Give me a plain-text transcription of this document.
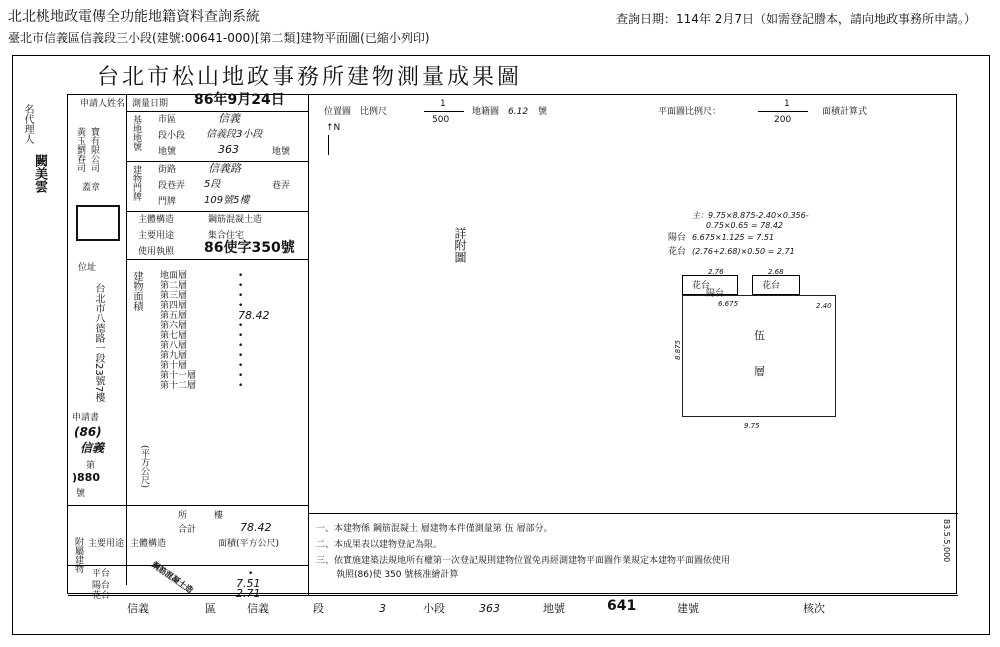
北北桃地政電傳全功能地籍資料查詢系統
臺北市信義區信義段三小段(建號:00641-000)[第二類]建物平面圖(已縮小列印)
查詢日期：114年 2月7日（如需登記謄本，請向地政事務所申請。）
台北市松山地政事務所建物測量成果圖
名代理人
闕美雲
申請人姓名
寶有限公司
黃玉劉春司
蓋章
位址
台北市八德路一段23號7樓
申請書
(86)
信義
第
)880
號
測量日期 86年9月24日
市區	信義
段小段 信義段3小段
地號	363	地號
基地地號
街路	信義路
段巷弄 5段	巷弄
門牌	109號5樓
建物門牌
主體構造	鋼筋混凝土造
主要用途	集合住宅
使用執照 86使字350號
建物面積 地面層	•
第二層	•
第三層	•
第四層	•
第五層	78.42
第六層	•
第七層	•
第八層	•
第九層	•
第十層	•
第十一層	•
第十二層	•
(平方公尺)
所	樓
合計	78.42
附屬建物 主要用途 主體構造	面積(平方公尺)
平台	•
陽台	7.51
花台	2.71
鋼筋混凝土造
位置圖 比例尺
1
500
地籍圖 6.12 號
↑N
詳附圖
平面圖比例尺：
1
200
面積計算式
主：9.75×8.875-2.40×0.356-
0.75×0.65 = 78.42
陽台 6.675×1.125 = 7.51
花台 (2.76+2.68)×0.50 = 2.71
花台	花台
2.76	2.68
陽台
6.675	2.40
8.875
伍
層
9.75
一、本建物係 鋼筋混凝土 層建物本件僅測量第 伍 層部分。
二、本成果表以建物登記為限。
三、依實施建築法規地所有權第一次登記規則建物位置免再經測建物平面圖作業規定本建物平面圖依使用
執照(86)使 350 號核准繪計算
83.5.5,000
信義	區	信義	段	3	小段	363	地號	641	建號	核次
